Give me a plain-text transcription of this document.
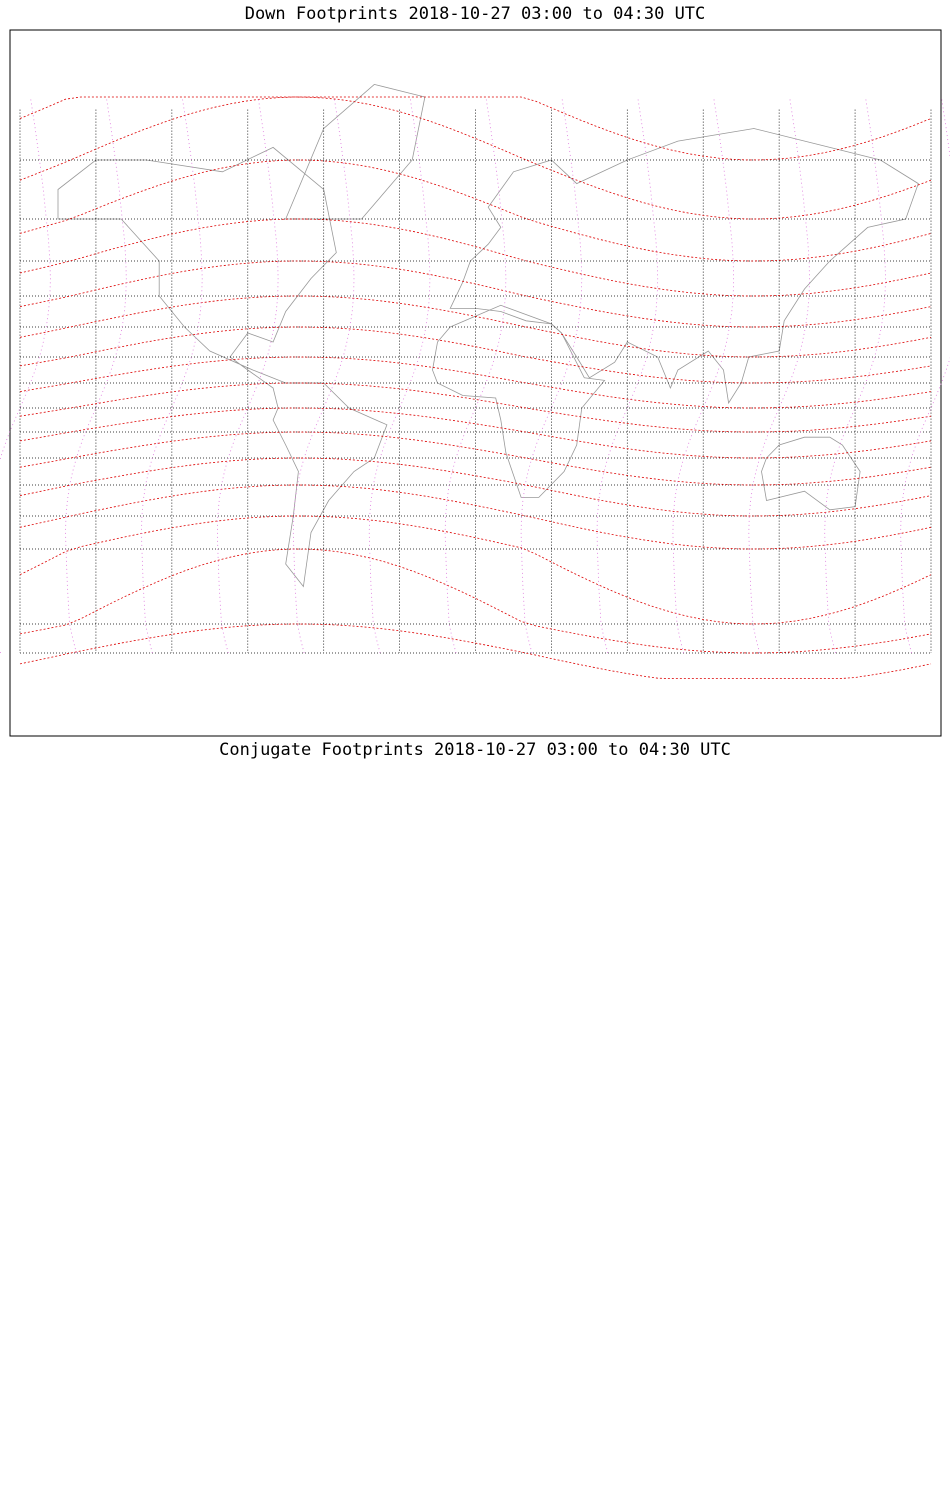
Down Footprints 2018-10-27 03:00 to 04:30 UTC
Conjugate Footprints 2018-10-27 03:00 to 04:30 UTC
